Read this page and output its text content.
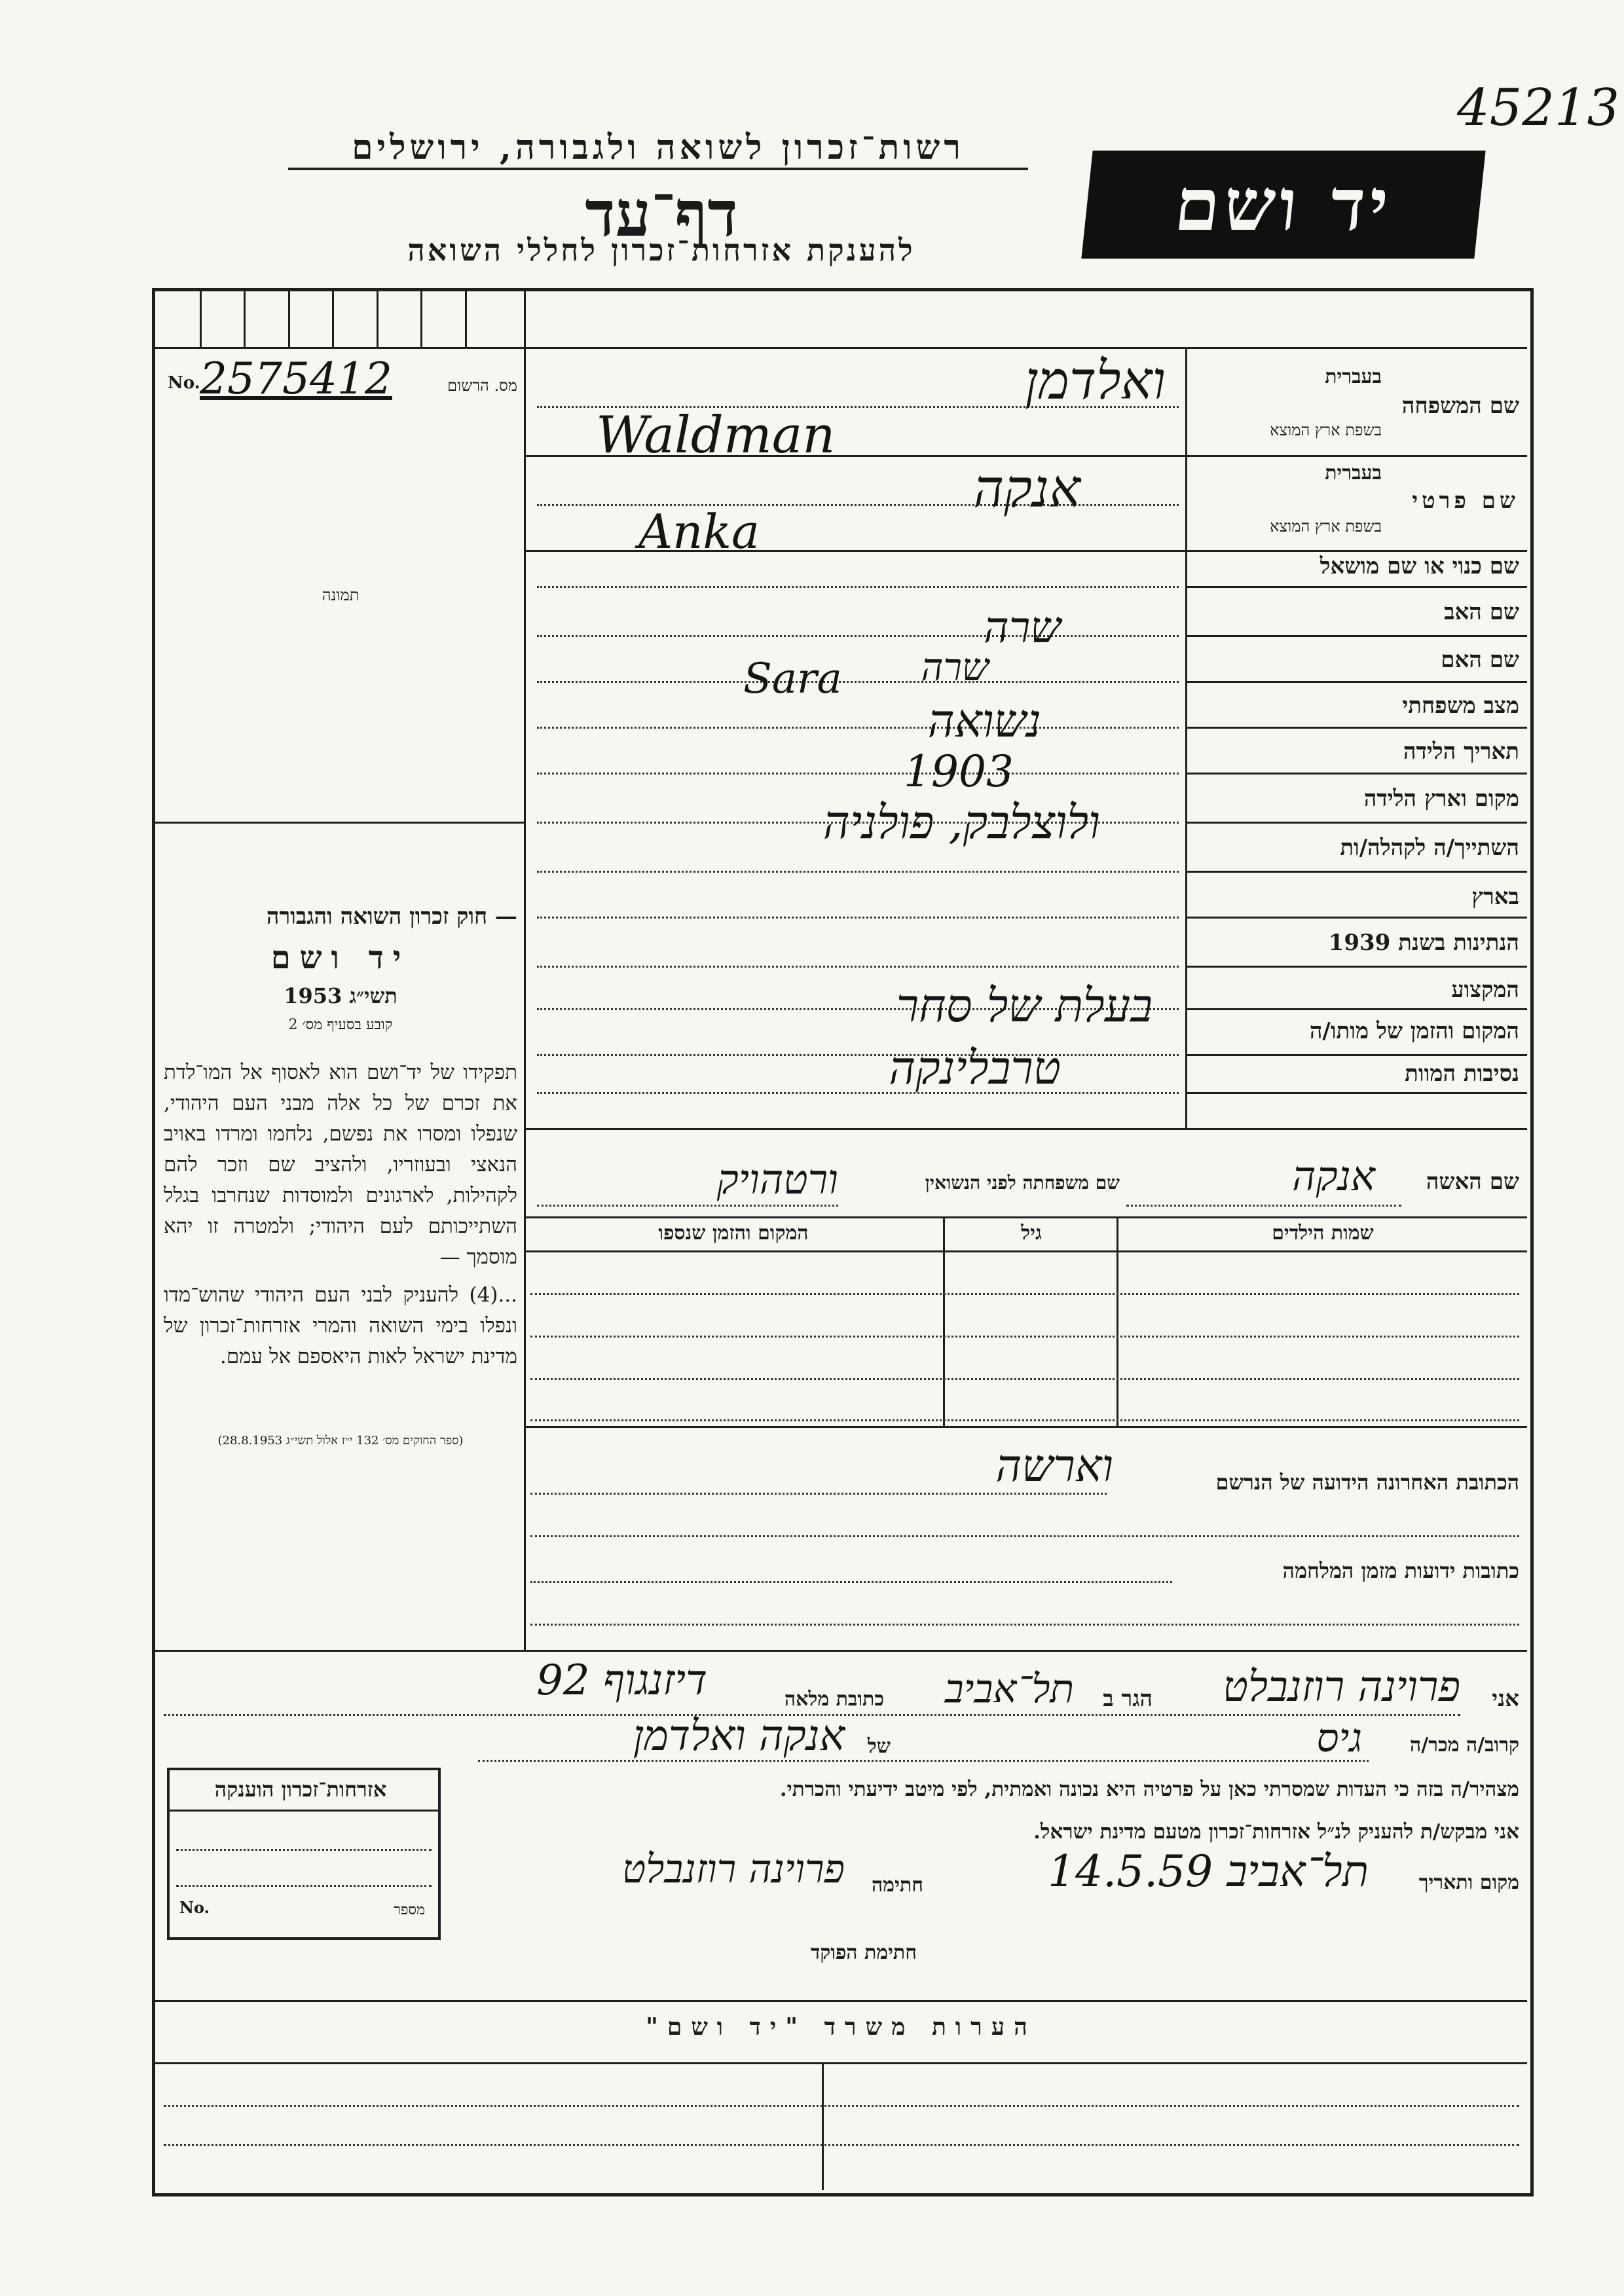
45213
רשות־זכרון לשואה ולגבורה, ירושלים
דף־עד
להענקת אזרחות־זכרון לחללי השואה
יד ושם
2575412
No.	מס. הרשום
תמונה
— חוק זכרון השואה והגבורה
יד ושם
תשי״ג 1953
קובע בסעיף מס׳ 2
תפקידו של יד־ושם הוא לאסוף אל המו־לדת את זכרם של כל אלה מבני העם היהודי, שנפלו ומסרו את נפשם, נלחמו ומרדו באויב הנאצי ובעוזריו, ולהציב שם וזכר להם לקהילות, לארגונים ולמוסדות שנחרבו בגלל השתייכותם לעם היהודי; ולמטרה זו יהא מוסמך —
...(4) להעניק לבני העם היהודי שהוש־מדו ונפלו בימי השואה והמרי אזרחות־זכרון של מדינת ישראל לאות היאספם אל עמם.
(ספר החוקים מס׳ 132 י״ז אלול תשי״ג 28.8.1953)
שם המשפחה
בעברית
בשפת ארץ המוצא
שם פרטי
בעברית
בשפת ארץ המוצא
שם כנוי או שם מושאל
שם האב
שם האם
מצב משפחתי
תאריך הלידה
מקום וארץ הלידה
השתייך/ה לקהלה/ות
בארץ
הנתינות בשנת 1939
המקצוע
המקום והזמן של מותו/ה
נסיבות המוות
ואלדמן
Waldman
אנקה
Anka
שרה
שרה
Sara
נשואה
1903
ולוצלבק, פולניה
בעלת של סחר
טרבלינקה
שם האשה
אנקה
שם משפחתה לפני הנשואין
ורטהויק
שמות הילדים
גיל
המקום והזמן שנספו
הכתובת האחרונה הידועה של הנרשם
וארשה
כתובות ידועות מזמן המלחמה
אני
פרוינה רוזנבלט
הגר ב
תל־אביב
כתובת מלאה
דיזנגוף 92
קרוב/ה מכר/ה
גיס
של
אנקה ואלדמן
מצהיר/ה בזה כי העדות שמסרתי כאן על פרטיה היא נכונה ואמתית, לפי מיטב ידיעתי והכרתי.
אני מבקש/ת להעניק לנ״ל אזרחות־זכרון מטעם מדינת ישראל.
מקום ותאריך
תל־אביב 14.5.59
חתימה
פרוינה רוזנבלט
חתימת הפוקד
אזרחות־זכרון הוענקה
No.	מספר
הערות משרד "יד ושם"
